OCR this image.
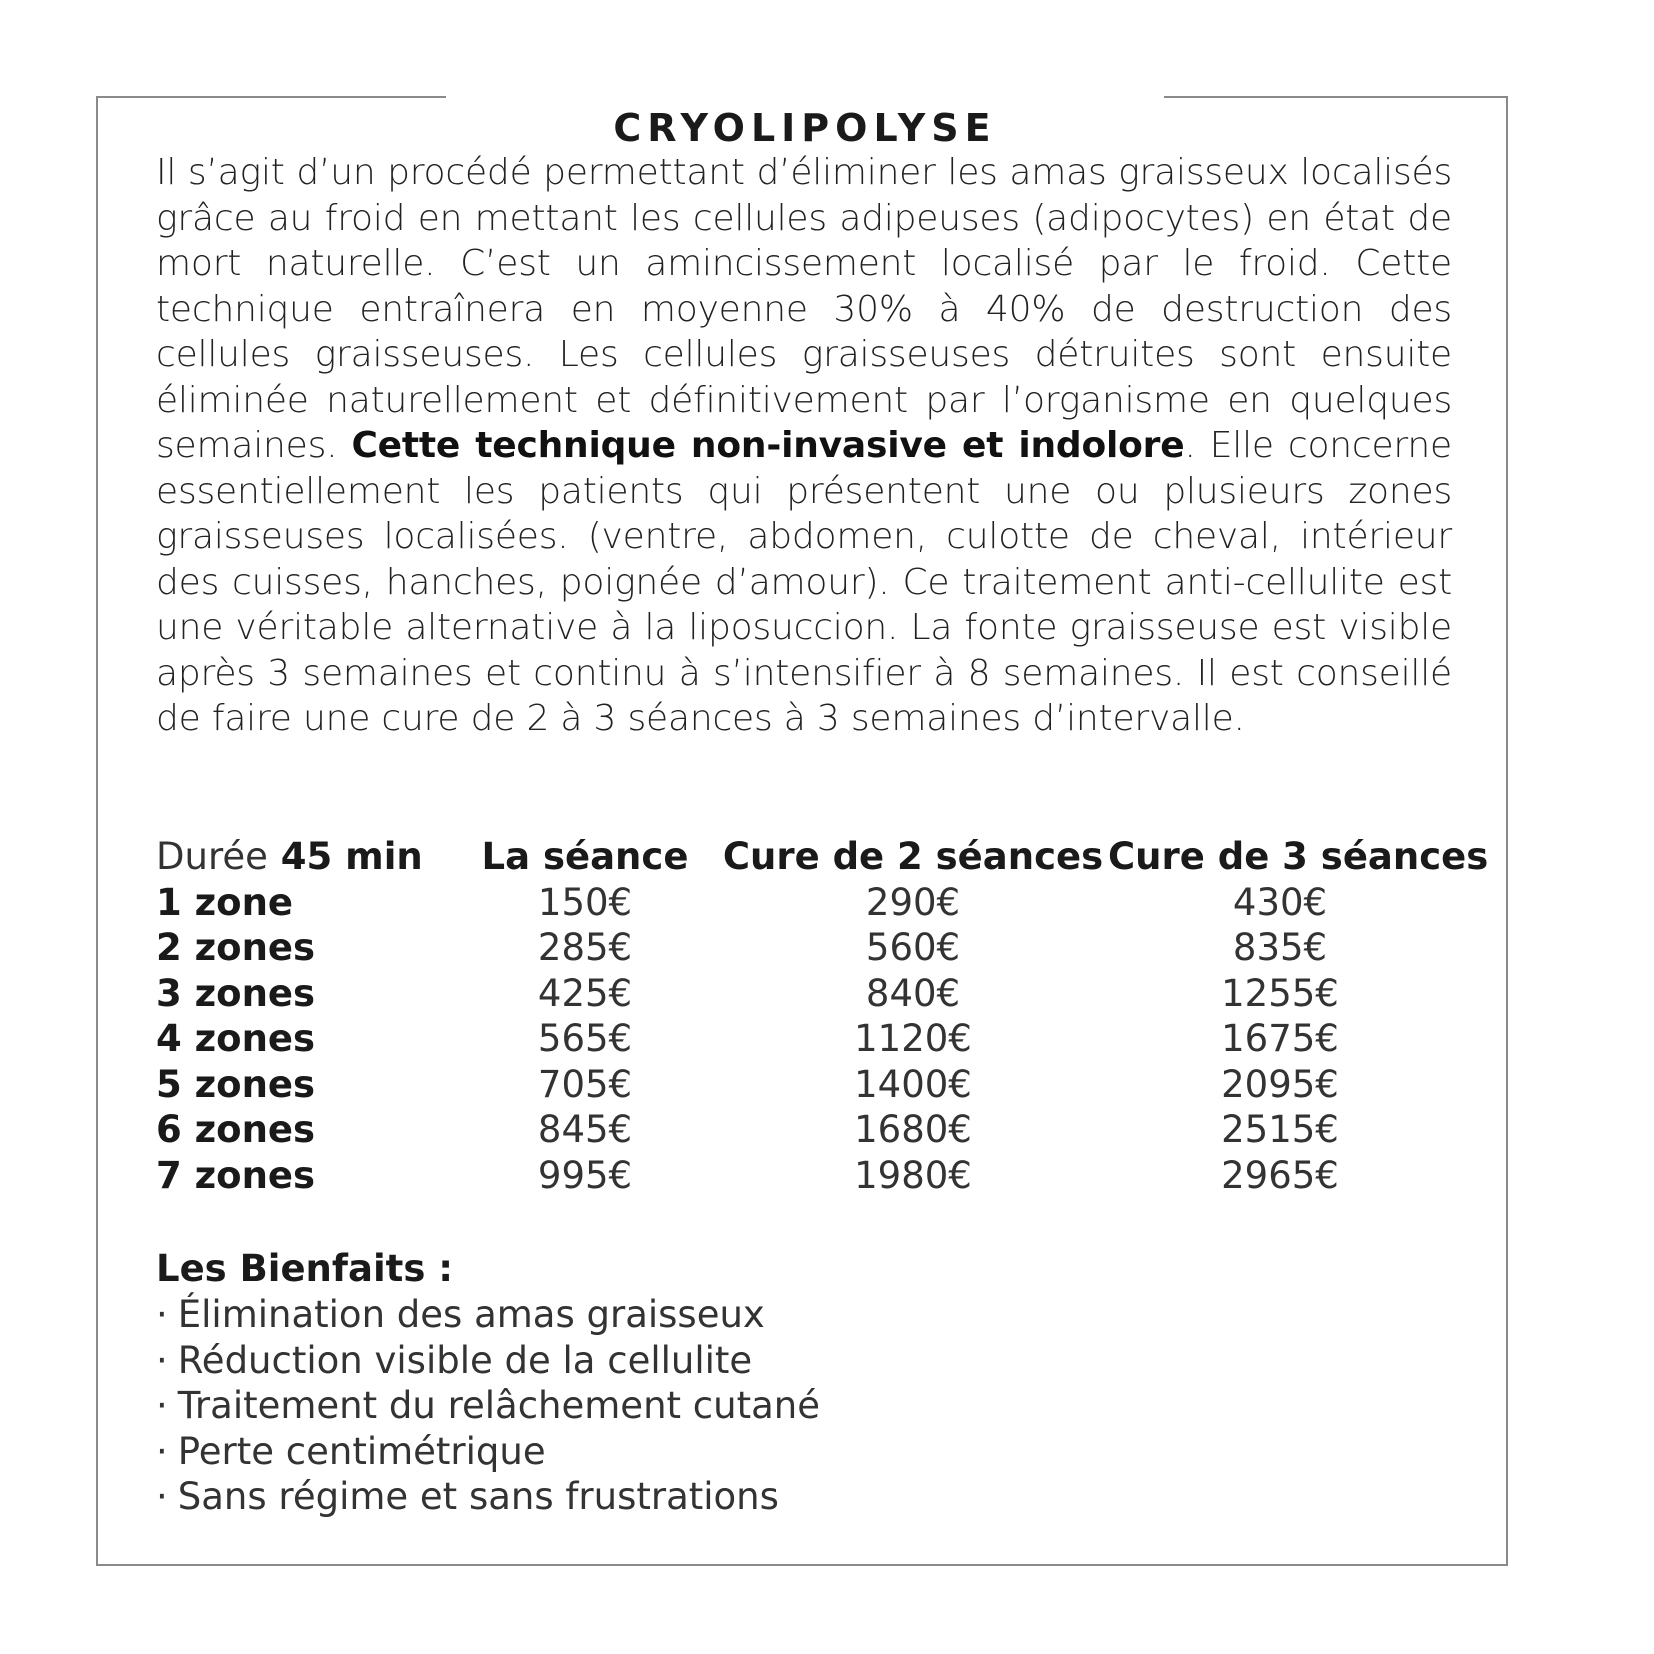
CRYOLIPOLYSE

Il s’agit d’un procédé permettant d’éliminer les amas graisseux localisés grâce au froid en mettant les cellules adipeuses (adipocytes) en état de mort naturelle. C’est un amincissement localisé par le froid. Cette technique entraînera en moyenne 30% à 40% de destruction des cellules graisseuses. Les cellules graisseuses détruites sont ensuite éliminée naturellement et définitivement par l’organisme en quelques semaines. Cette technique non-invasive et indolore. Elle concerne essentiellement les patients qui présentent une ou plusieurs zones graisseuses localisées. (ventre, abdomen, culotte de cheval, intérieur des cuisses, hanches, poignée d’amour). Ce traitement anti-cellulite est une véritable alternative à la liposuccion. La fonte graisseuse est visible après 3 semaines et continu à s’intensifier à 8 semaines. Il est conseillé de faire une cure de 2 à 3 séances à 3 semaines d’intervalle.

Durée 45 min	La séance	Cure de 2 séances	Cure de 3 séances
1 zone	150€	290€	430€
2 zones	285€	560€	835€
3 zones	425€	840€	1255€
4 zones	565€	1120€	1675€
5 zones	705€	1400€	2095€
6 zones	845€	1680€	2515€
7 zones	995€	1980€	2965€
Les Bienfaits :
· Élimination des amas graisseux
· Réduction visible de la cellulite
· Traitement du relâchement cutané
· Perte centimétrique
· Sans régime et sans frustrations
